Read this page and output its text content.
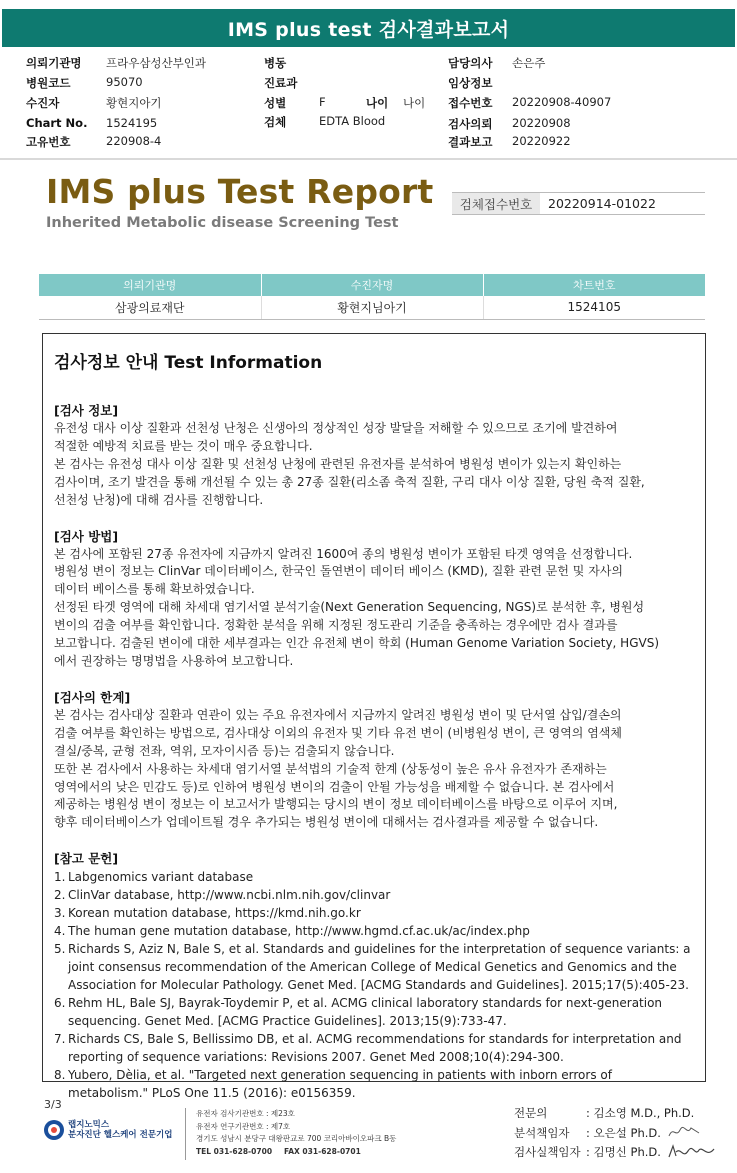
IMS plus test 검사결과보고서
의뢰기관명 프라우삼성산부인과
병원코드	95070
수진자	황현지아기
Chart No. 1524195
고유번호	220908-4
병동
진료과
성별	F	나이 나이
검체	EDTA Blood
담당의사 손은주
임상정보
접수번호 20220908-40907
검사의뢰 20220908
결과보고 20220922
IMS plus Test Report
Inherited Metabolic disease Screening Test
검체접수번호	20220914-01022
의뢰기관명	수진자명	차트번호
삼광의료재단	황현지님아기	1524105
검사정보 안내 Test Information
[검사 정보]
유전성 대사 이상 질환과 선천성 난청은 신생아의 정상적인 성장 발달을 저해할 수 있으므로 조기에 발견하여
적절한 예방적 치료를 받는 것이 매우 중요합니다.
본 검사는 유전성 대사 이상 질환 및 선천성 난청에 관련된 유전자를 분석하여 병원성 변이가 있는지 확인하는
검사이며, 조기 발견을 통해 개선될 수 있는 총 27종 질환(리소좀 축적 질환, 구리 대사 이상 질환, 당원 축적 질환,
선천성 난청)에 대해 검사를 진행합니다.
[검사 방법]
본 검사에 포함된 27종 유전자에 지금까지 알려진 1600여 종의 병원성 변이가 포함된 타겟 영역을 선정합니다.
병원성 변이 정보는 ClinVar 데이터베이스, 한국인 돌연변이 데이터 베이스 (KMD), 질환 관련 문헌 및 자사의
데이터 베이스를 통해 확보하였습니다.
선정된 타겟 영역에 대해 차세대 염기서열 분석기술(Next Generation Sequencing, NGS)로 분석한 후, 병원성
변이의 검출 여부를 확인합니다. 정확한 분석을 위해 지정된 정도관리 기준을 충족하는 경우에만 검사 결과를
보고합니다. 검출된 변이에 대한 세부결과는 인간 유전체 변이 학회 (Human Genome Variation Society, HGVS)
에서 권장하는 명명법을 사용하여 보고합니다.
[검사의 한계]
본 검사는 검사대상 질환과 연관이 있는 주요 유전자에서 지금까지 알려진 병원성 변이 및 단서열 삽입/결손의
검출 여부를 확인하는 방법으로, 검사대상 이외의 유전자 및 기타 유전 변이 (비병원성 변이, 큰 영역의 염색체
결실/중복, 균형 전좌, 역위, 모자이시즘 등)는 검출되지 않습니다.
또한 본 검사에서 사용하는 차세대 염기서열 분석법의 기술적 한계 (상동성이 높은 유사 유전자가 존재하는
영역에서의 낮은 민감도 등)로 인하여 병원성 변이의 검출이 안될 가능성을 배제할 수 없습니다. 본 검사에서
제공하는 병원성 변이 정보는 이 보고서가 발행되는 당시의 변이 정보 데이터베이스를 바탕으로 이루어 지며,
향후 데이터베이스가 업데이트될 경우 추가되는 병원성 변이에 대해서는 검사결과를 제공할 수 없습니다.
[참고 문헌]
1. Labgenomics variant database
2. ClinVar database, http://www.ncbi.nlm.nih.gov/clinvar
3. Korean mutation database, https://kmd.nih.go.kr
4. The human gene mutation database, http://www.hgmd.cf.ac.uk/ac/index.php
5. Richards S, Aziz N, Bale S, et al. Standards and guidelines for the interpretation of sequence variants: a joint consensus recommendation of the American College of Medical Genetics and Genomics and the Association for Molecular Pathology. Genet Med. [ACMG Standards and Guidelines]. 2015;17(5):405-23.
6. Rehm HL, Bale SJ, Bayrak-Toydemir P, et al. ACMG clinical laboratory standards for next-generation sequencing. Genet Med. [ACMG Practice Guidelines]. 2013;15(9):733-47.
7. Richards CS, Bale S, Bellissimo DB, et al. ACMG recommendations for standards for interpretation and reporting of sequence variations: Revisions 2007. Genet Med 2008;10(4):294-300.
8. Yubero, Dèlia, et al. "Targeted next generation sequencing in patients with inborn errors of metabolism." PLoS One 11.5 (2016): e0156359.
3/3
랩지노믹스
분자진단 헬스케어 전문기업
유전자 검사기관번호 : 제23호
유전자 연구기관번호 : 제7호
경기도 성남시 분당구 대왕판교로 700 코리아바이오파크 B동
TEL 031-628-0700 FAX 031-628-0701
전문의	: 김소영 M.D., Ph.D.
분석책임자	: 오은설 Ph.D.
검사실책임자 : 김명신 Ph.D.
